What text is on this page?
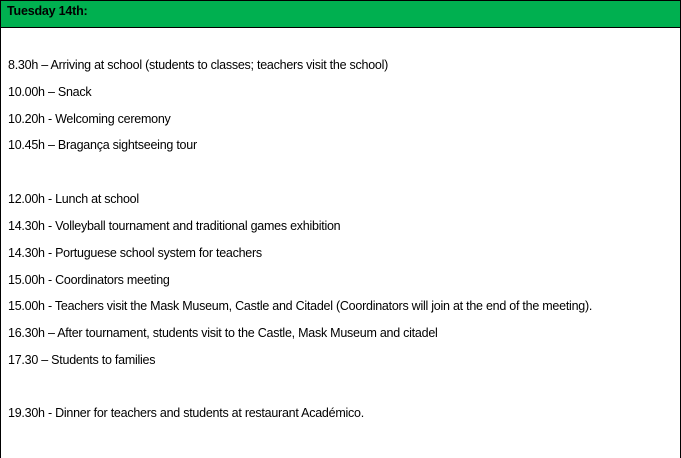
Tuesday 14th:
8.30h – Arriving at school (students to classes; teachers visit the school)
10.00h – Snack
10.20h - Welcoming ceremony
10.45h – Bragança sightseeing tour
12.00h - Lunch at school
14.30h - Volleyball tournament and traditional games exhibition
14.30h - Portuguese school system for teachers
15.00h - Coordinators meeting
15.00h - Teachers visit the Mask Museum, Castle and Citadel (Coordinators will join at the end of the meeting).
16.30h – After tournament, students visit to the Castle, Mask Museum and citadel
17.30 – Students to families
19.30h - Dinner for teachers and students at restaurant Académico.
